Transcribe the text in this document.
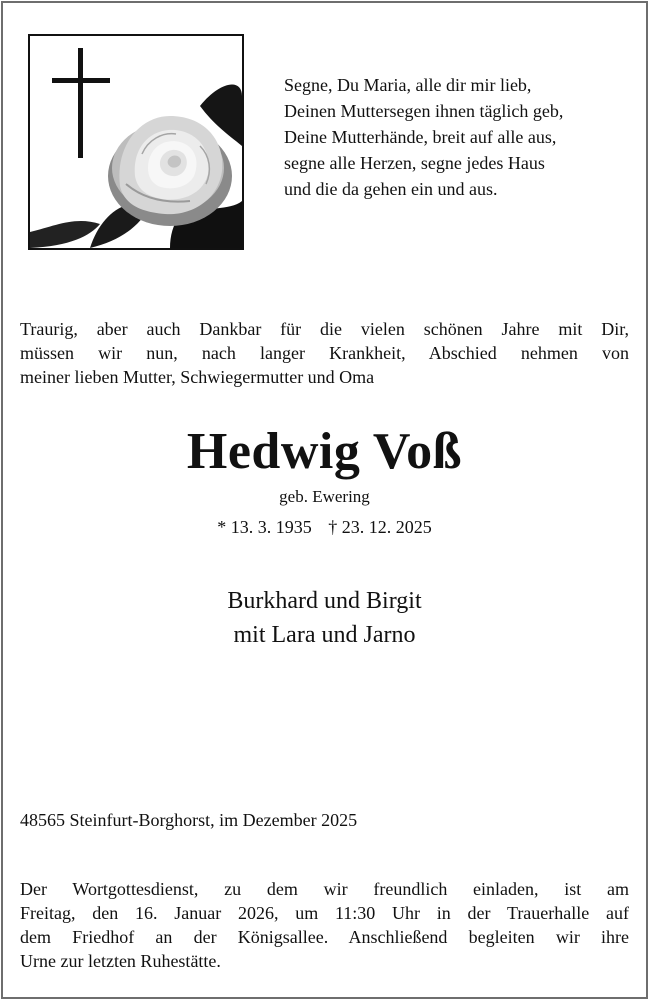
Segne, Du Maria, alle dir mir lieb,
Deinen Muttersegen ihnen täglich geb,
Deine Mutterhände, breit auf alle aus,
segne alle Herzen, segne jedes Haus
und die da gehen ein und aus.
Traurig, aber auch Dankbar für die vielen schönen Jahre mit Dir,
müssen wir nun, nach langer Krankheit, Abschied nehmen von
meiner lieben Mutter, Schwiegermutter und Oma
Hedwig Voß
geb. Ewering
* 13. 3. 1935 † 23. 12. 2025
Burkhard und Birgit
mit Lara und Jarno
48565 Steinfurt-Borghorst, im Dezember 2025
Der Wortgottesdienst, zu dem wir freundlich einladen, ist am
Freitag, den 16. Januar 2026, um 11:30 Uhr in der Trauerhalle auf
dem Friedhof an der Königsallee. Anschließend begleiten wir ihre
Urne zur letzten Ruhestätte.
